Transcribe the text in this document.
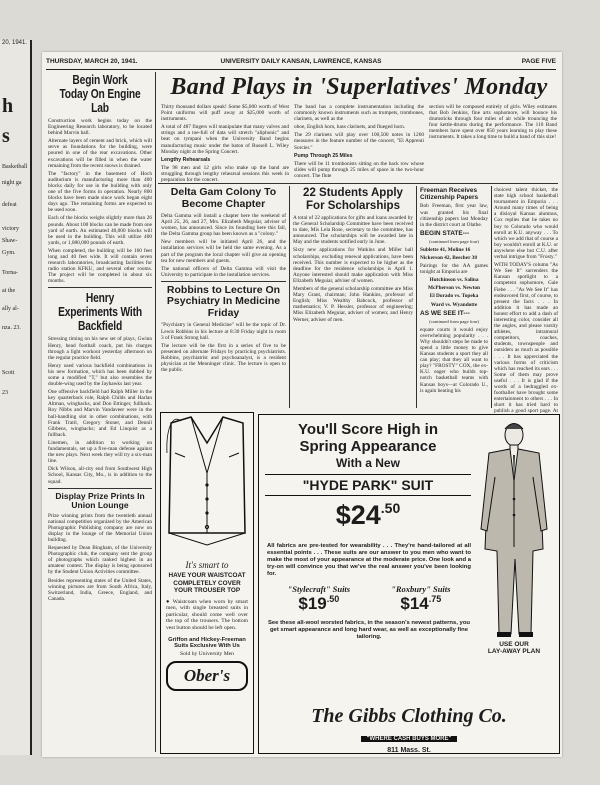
20, 1941.
h
s
Basketball
night ga
defeat
victory
Shaw-
Gym.
Torna-
at the
ally al-
nza. 23.
Scott
23
THURSDAY, MARCH 20, 1941.	UNIVERSITY DAILY KANSAN, LAWRENCE, KANSAS	PAGE FIVE

Begin Work Today On Engine Lab

Construction work begins today on the Engineering Research laboratory, to be located behind Marvin hall.

Alternate layers of cement and brick, which will serve as foundations for the building, were poured in one of the rear excavations. Other excavations will be filled in when the water remaining from the recent snows is drained.

The "factory" in the basement of Hoch auditorium is manufacturing more than 400 blocks daily for use in the building with only one of the five forms in operation. Nearly 800 blocks have been made since work began eight days ago. The remaining forms are expected to be used soon.

Each of the blocks weighs slightly more than 26 pounds. About 100 blocks can be made from one yard of earth. An estimated 40,000 blocks will be used in the building. This will utilize 400 yards, or 1,080,000 pounds of earth.

When completed, the building will be 160 feet long and 40 feet wide. It will contain seven research laboratories, broadcasting facilities for radio station KFKU, and several other rooms. The project will be completed in about six months.

Henry Experiments With Backfield

Stressing timing on his new set of plays, Gwinn Henry, head football coach, put his charges through a light workout yesterday afternoon on the regular practice field.

Henry used various backfield combinations in his new formation, which has been dubbed by some a modified "T," but also resembles the double-wing used by the Jayhawks last year.

One offensive backfield had Ralph Miller in the key quarterback role, Ralph Childs and Harlan Altman, wingbacks, and Don Ettinger, fullback. Roy Nibbs and Marvin Vandaveer were in the ball-handling slot in other combinations, with Frank Tratil, Gregory Stoner, and Dennil Gibbens, wingbacks; and Ed Linquist as a fullback.

Linemen, in addition to working on fundamentals, set up a five-man defense against the new plays. Next week they will try a six-man line.

Dick Wilson, all-city end from Southwest High School, Kansas City, Mo., is in addition to the squad.

Display Prize Prints In Union Lounge

Prize winning prints from the twentieth annual national competition organized by the American Photographic Publishing company are now on display in the lounge of the Memorial Union building.

Requested by Dean Bingham, of the University Photographic club, the company sent the group of photographs which ranked highest in an amateur contest. The display is being sponsored by the Student Union Activities committee.

Besides representing states of the United States, winning pictures are from South Africa, Italy, Switzerland, India, Greece, England, and Canada.

Band Plays in 'Superlatives' Monday

Thirty thousand dollars speak! Some $5,000 worth of West Point uniforms will puff away at $25,000 worth of instruments.

A total of 487 fingers will manipulate that many valves and strings and a toe-full of data will stretch "aliphonic" and beat on tympani when the University Band begins manufacturing music under the baton of Russell L. Wiley Monday night at the Spring Concert.

Lengthy Rehearsals

The 98 men and 12 girls who make up the band are struggling through lengthy rehearsal sessions this week in preparation for the concert.

The band has a complete instrumentation including the commonly known instruments such as trumpets, trombones, clarinets, as well as the

oboe, English horn, bass clarinets, and flueged horn.

The 29 clarinets will play over 100,500 notes in 1260 measures in the feature number of the concert, "El Apprenti Sorcier."

Pump Through 25 Miles

There will be 11 trombonists sitting on the back row whose slides will pump through 25 miles of space in the two-hour concert. The flute

section will be composed entirely of girls. Wiley estimates that Bob Jenkins, fine arts sophomore, will bounce his drumsticks through four miles of air while trouncing the four kettle-drums during the performance. The 110 Band members have spent over 850 years learning to play these instruments. It takes a long time to build a band of this size!

Delta Gam Colony To Become Chapter

Delta Gamma will install a chapter here the weekend of April 25, 26, and 27, Mrs. Elizabeth Meguiar, adviser of women, has announced. Since its founding here this fall, the Delta Gamma group has been known as a "colony."

New members will be initiated April 26, and the installation services will be held the same evening. As a part of the program the local chapter will give an opening tea for new members and guests.

The national officers of Delta Gamma will visit the University to participate in the installation services.

Robbins to Lecture On Psychiatry In Medicine Friday

"Psychiatry in General Medicine" will be the topic of Dr. Lewis Robbins in his lecture at 8:30 Friday night in room 3 of Frank Strong hall.

The lecture will be the first in a series of five to be presented on alternate Fridays by practicing psychiatrists. Robbins, psychiatrist and psychoanalyst, is a resident physician at the Menninger clinic. The lecture is open to the public.

22 Students Apply For Scholarships

A total of 22 applications for gifts and loans awarded by the General Scholarship Committee have been received to date, Mis Lela Rose, secretary to the committee, has announced. The scholarships will be awarded late in May and the students notified early in June.

Sixty new applications for Watkins and Miller hall scholarships, excluding renewal applications, have been received. This number is expected to be higher as the deadline for the residence scholarships is April 1. Anyone interested should make application with Miss Elizabeth Meguiar, adviser of women.

Members of the general scholarship committee are Miss Mary Grant, chairman; John Hankins, professor of English; Miss Wealthy Babcock, professor of mathematics; V. P. Hessler, professor of engineering; Miss Elizabeth Meguiar, adviser of women; and Henry Werner, adviser of men.

Freeman Receives Citizenship Papers

Bob Freeman, first year law, was granted his final citizenship papers last Monday in the district court at Olathe.

BEGIN STATE---

(continued from page four)

Sublette 41, Moline 16

Nickerson 42, Beecher 38

Pairings for the AA games tonight at Emporia are

Hutchinson vs. Salina

McPherson vs. Newton

El Dorado vs. Topeka

Ward vs. Wyandotte

AS WE SEE IT---

(continued from page four)

equate courts it would enjoy overwhelming popularity . . . Why shouldn't steps be made to spend a little money to give Kansas students a sport they all can play; that they all want to play? "FROSTY" COX, the ex-K.U. eager who builds top-notch basketball teams with Kansas boys—at Colorado U., is again beating his

choicest talent thicket, the state high school basketball tournament in Emporia . . . Around many times of being a disloyal Kansas alumnus, Cox replies that he takes no boy to Colorado who would enroll at K.U. anyway . . . To which we add that of course a boy wouldn't enroll at K.U. or anywhere else but C.U. after verbal intrigue from "Frosty."

WITH TODAY'S column "As We See It" surrenders the Kansan spotlight to a competent sophomore, Gale Fiebe . . . "As We See It" has endeavored first, of course, to present the facts . . . In addition it has made an honest effort to add a dash of interesting color, consider all the angles, and please varsity athletes, intramural competitors, coaches, students, townspeople and outsiders as much as possible . . . It has appreciated the various forms of criticism which has reached its ears . . . Some of them may prove useful . . . It is glad if the words of a bedraggled ex-footballer have brought some entertainment to others . . . In short it has tried hard to publish a good sport page. At

It's smart to

HAVE YOUR WAISTCOAT COMPLETELY COVER YOUR TROUSER TOP

● Waistcoats when worn by smart men, with single breasted suits in particular, should come well over the top of the trousers. The bottom vest button should be left open.

Griffon and Hickey-Freeman Suits Exclusive With Us

Sold by University Men

Ober's

You'll Score High in

Spring Appearance

With a New

"HYDE PARK" SUIT

$24.50

USE OUR

LAY-AWAY PLAN

All fabrics are pre-tested for wearability . . . They're hand-tailored at all essential points . . . These suits are our answer to you men who want to make the most of your appearance at the moderate price. One look and a try-on will convince you that we've the real answer you've been looking for.

"Stylecraft" Suits
$\$19^{.50}$
"Roxbury" Suits
$\$14^{.75}$

See these all-wool worsted fabrics, in the season's newest patterns, you get smart appearance and long hard wear, as well as exceptionally fine tailoring.

The Gibbs Clothing Co.
"WHERE CASH BUYS MORE"
811 Mass. St.
